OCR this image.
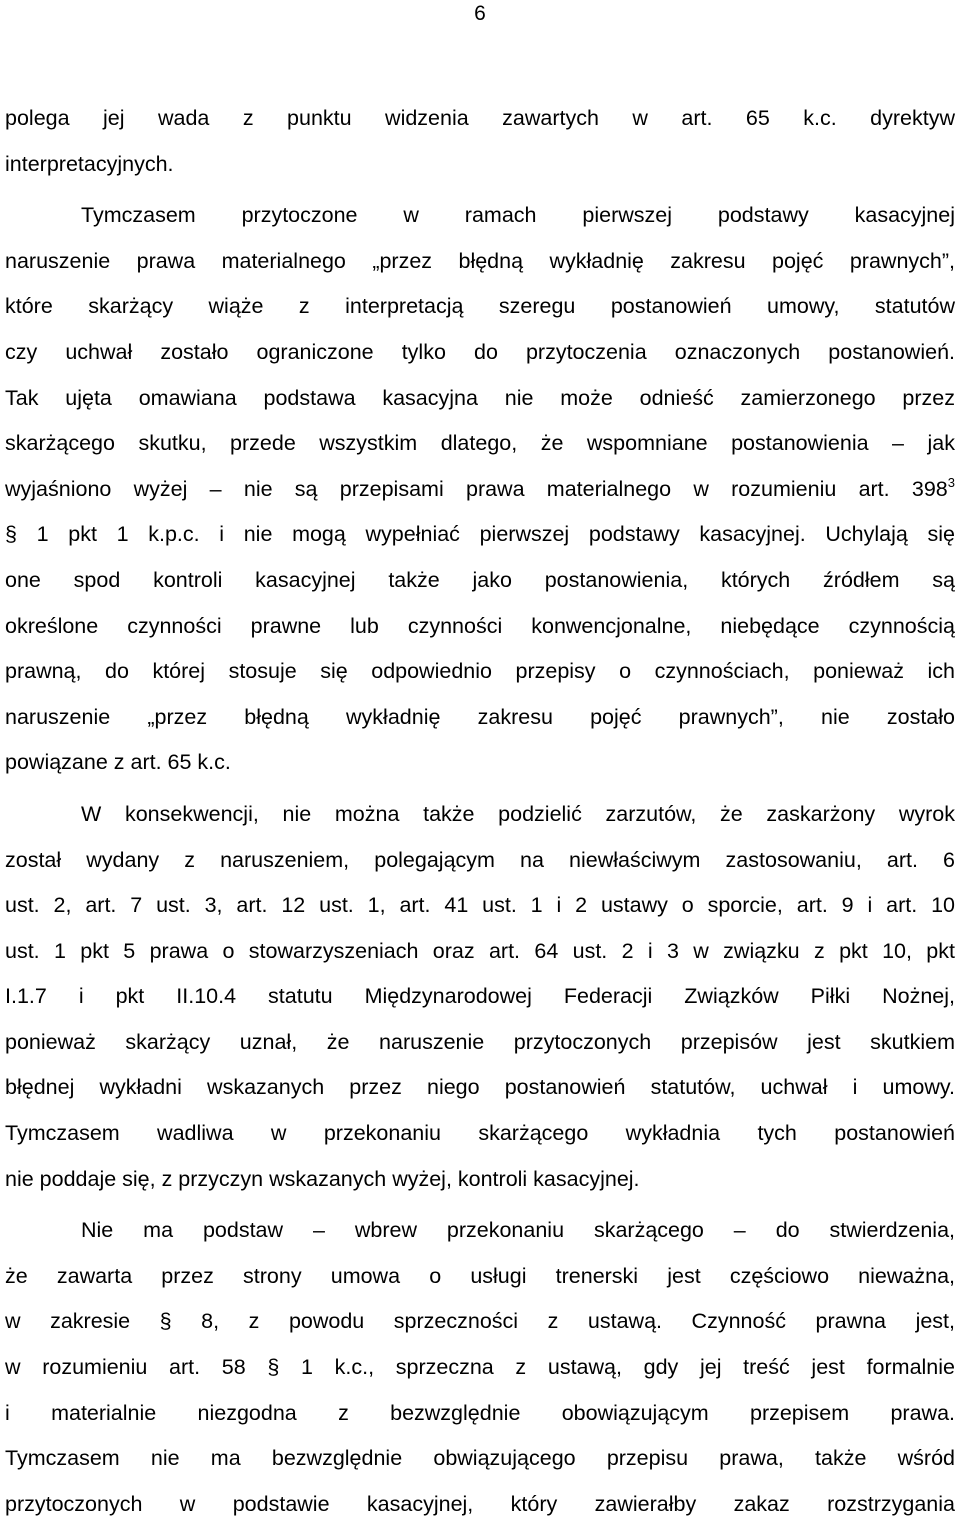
6

polega jej wada z punktu widzenia zawartych w art. 65 k.c. dyrektyw
interpretacyjnych.

Tymczasem przytoczone w ramach pierwszej podstawy kasacyjnej
naruszenie prawa materialnego „przez błędną wykładnię zakresu pojęć prawnych”,
które skarżący wiąże z interpretacją szeregu postanowień umowy, statutów
czy uchwał zostało ograniczone tylko do przytoczenia oznaczonych postanowień.
Tak ujęta omawiana podstawa kasacyjna nie może odnieść zamierzonego przez
skarżącego skutku, przede wszystkim dlatego, że wspomniane postanowienia – jak
wyjaśniono wyżej – nie są przepisami prawa materialnego w rozumieniu art. $398^3$
§ 1 pkt 1 k.p.c. i nie mogą wypełniać pierwszej podstawy kasacyjnej. Uchylają się
one spod kontroli kasacyjnej także jako postanowienia, których źródłem są
określone czynności prawne lub czynności konwencjonalne, niebędące czynnością
prawną, do której stosuje się odpowiednio przepisy o czynnościach, ponieważ ich
naruszenie „przez błędną wykładnię zakresu pojęć prawnych”, nie zostało
powiązane z art. 65 k.c.

W konsekwencji, nie można także podzielić zarzutów, że zaskarżony wyrok
został wydany z naruszeniem, polegającym na niewłaściwym zastosowaniu, art. 6
ust. 2, art. 7 ust. 3, art. 12 ust. 1, art. 41 ust. 1 i 2 ustawy o sporcie, art. 9 i art. 10
ust. 1 pkt 5 prawa o stowarzyszeniach oraz art. 64 ust. 2 i 3 w związku z pkt 10, pkt
I.1.7 i pkt II.10.4 statutu Międzynarodowej Federacji Związków Piłki Nożnej,
ponieważ skarżący uznał, że naruszenie przytoczonych przepisów jest skutkiem
błędnej wykładni wskazanych przez niego postanowień statutów, uchwał i umowy.
Tymczasem wadliwa w przekonaniu skarżącego wykładnia tych postanowień
nie poddaje się, z przyczyn wskazanych wyżej, kontroli kasacyjnej.

Nie ma podstaw – wbrew przekonaniu skarżącego – do stwierdzenia,
że zawarta przez strony umowa o usługi trenerski jest częściowo nieważna,
w zakresie § 8, z powodu sprzeczności z ustawą. Czynność prawna jest,
w rozumieniu art. 58 § 1 k.c., sprzeczna z ustawą, gdy jej treść jest formalnie
i materialnie niezgodna z bezwzględnie obowiązującym przepisem prawa.
Tymczasem nie ma bezwzględnie obwiązującego przepisu prawa, także wśród
przytoczonych w podstawie kasacyjnej, który zawierałby zakaz rozstrzygania
